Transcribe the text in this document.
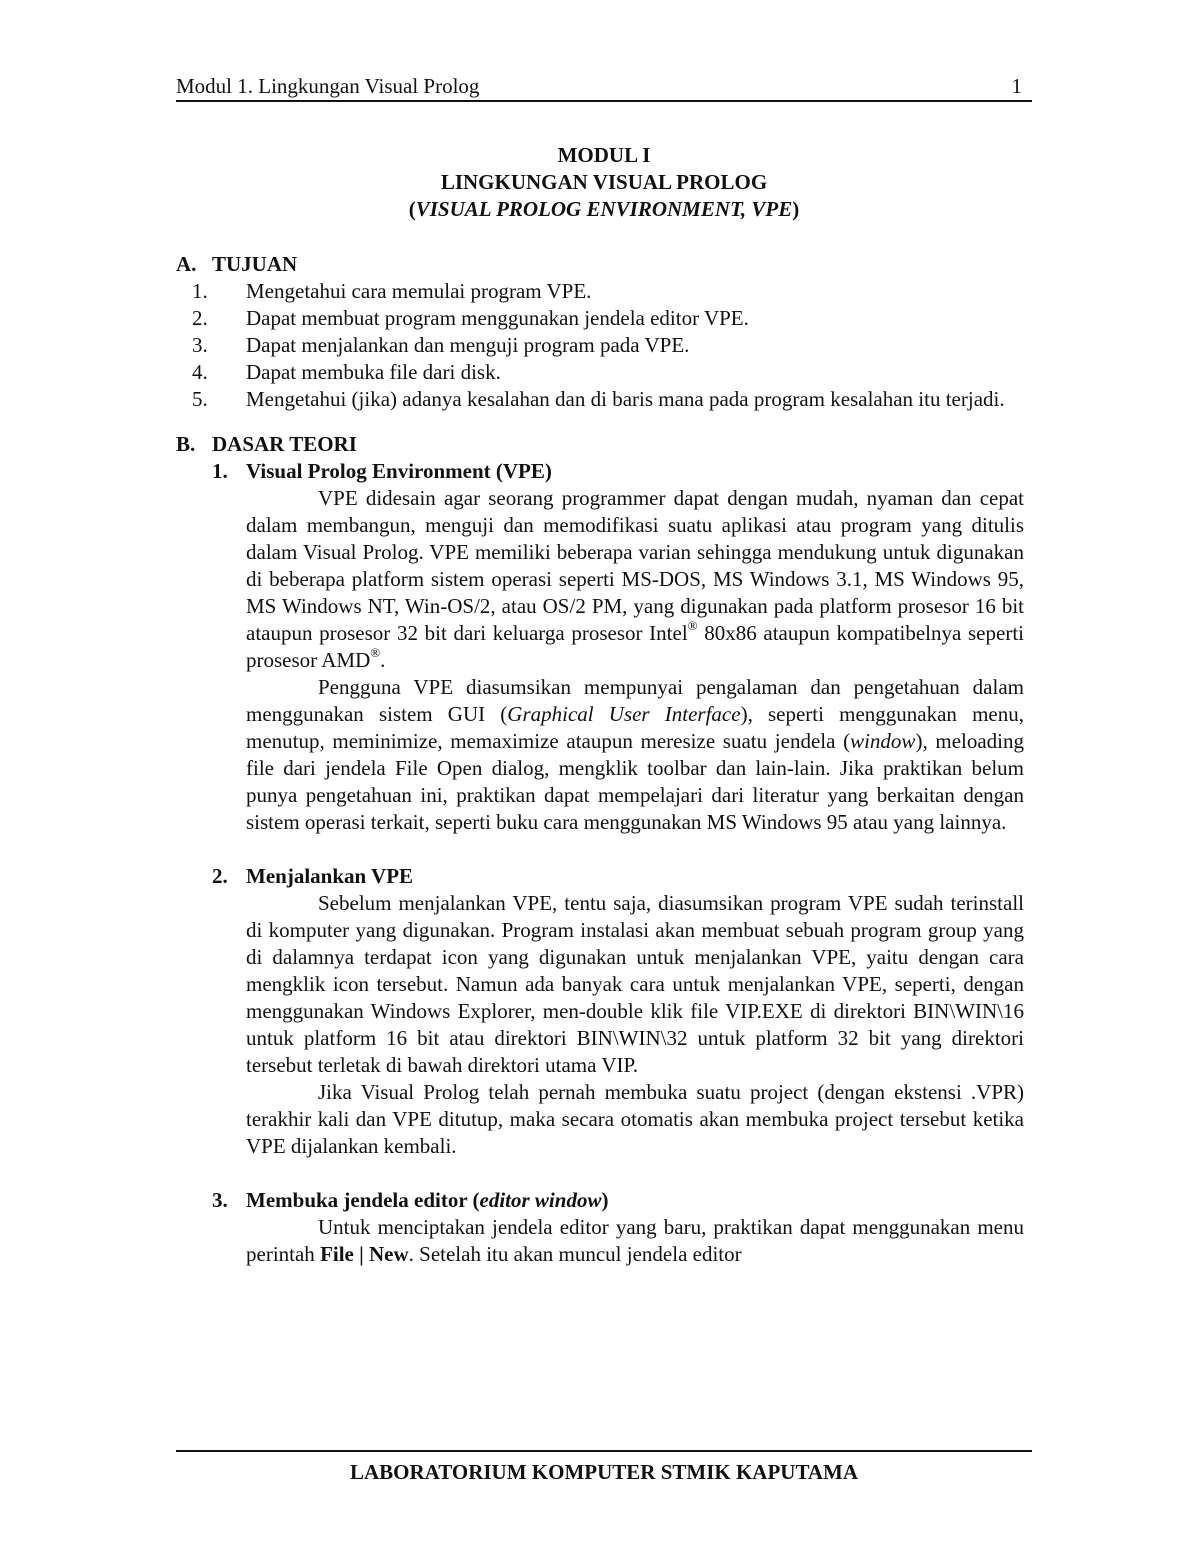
Modul 1. Lingkungan Visual Prolog	1
MODUL I
LINGKUNGAN VISUAL PROLOG
(VISUAL PROLOG ENVIRONMENT, VPE)
A. TUJUAN
1.	Mengetahui cara memulai program VPE.
2.	Dapat membuat program menggunakan jendela editor VPE.
3.	Dapat menjalankan dan menguji program pada VPE.
4.	Dapat membuka file dari disk.
5.	Mengetahui (jika) adanya kesalahan dan di baris mana pada program kesalahan itu terjadi.
B. DASAR TEORI
1. Visual Prolog Environment (VPE)

VPE didesain agar seorang programmer dapat dengan mudah, nyaman dan cepat dalam membangun, menguji dan memodifikasi suatu aplikasi atau program yang ditulis dalam Visual Prolog. VPE memiliki beberapa varian sehingga mendukung untuk digunakan di beberapa platform sistem operasi seperti MS-DOS, MS Windows 3.1, MS Windows 95, MS Windows NT, Win-OS/2, atau OS/2 PM, yang digunakan pada platform prosesor 16 bit ataupun prosesor 32 bit dari keluarga prosesor Intel® 80x86 ataupun kompatibelnya seperti prosesor AMD®.

Pengguna VPE diasumsikan mempunyai pengalaman dan pengetahuan dalam menggunakan sistem GUI (Graphical User Interface), seperti menggunakan menu, menutup, meminimize, memaximize ataupun meresize suatu jendela (window), meloading file dari jendela File Open dialog, mengklik toolbar dan lain-lain. Jika praktikan belum punya pengetahuan ini, praktikan dapat mempelajari dari literatur yang berkaitan dengan sistem operasi terkait, seperti buku cara menggunakan MS Windows 95 atau yang lainnya.

2. Menjalankan VPE

Sebelum menjalankan VPE, tentu saja, diasumsikan program VPE sudah terinstall di komputer yang digunakan. Program instalasi akan membuat sebuah program group yang di dalamnya terdapat icon yang digunakan untuk menjalankan VPE, yaitu dengan cara mengklik icon tersebut. Namun ada banyak cara untuk menjalankan VPE, seperti, dengan menggunakan Windows Explorer, men-double klik file VIP.EXE di direktori BIN\WIN\16 untuk platform 16 bit atau direktori BIN\WIN\32 untuk platform 32 bit yang direktori tersebut terletak di bawah direktori utama VIP.

Jika Visual Prolog telah pernah membuka suatu project (dengan ekstensi .VPR) terakhir kali dan VPE ditutup, maka secara otomatis akan membuka project tersebut ketika VPE dijalankan kembali.

3. Membuka jendela editor (editor window)

Untuk menciptakan jendela editor yang baru, praktikan dapat menggunakan menu perintah File | New. Setelah itu akan muncul jendela editor

LABORATORIUM KOMPUTER STMIK KAPUTAMA
